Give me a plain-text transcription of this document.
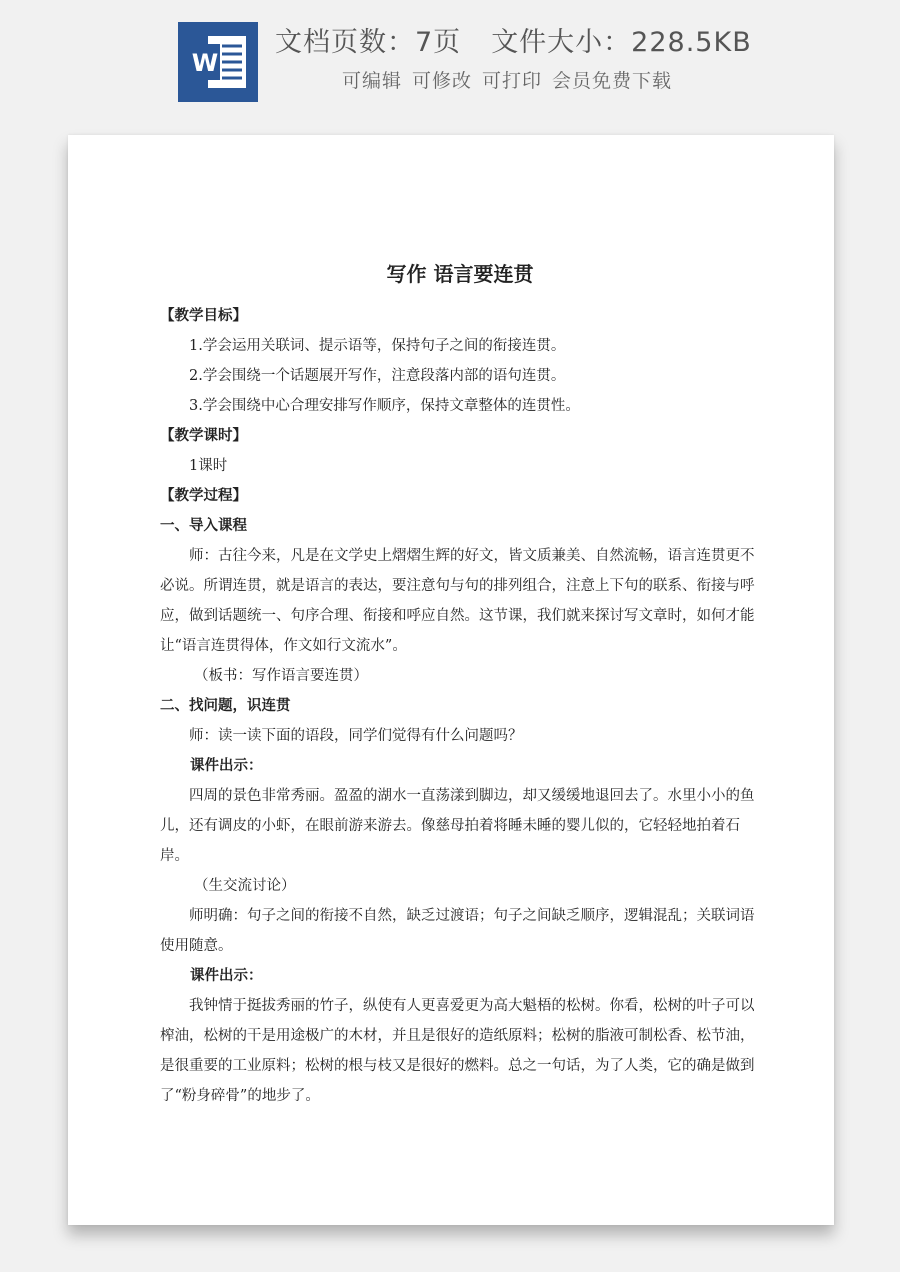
W
文档页数：7页 文件大小：228.5KB
可编辑 可修改 可打印 会员免费下载
写作 语言要连贯

【教学目标】

1.学会运用关联词、提示语等，保持句子之间的衔接连贯。

2.学会围绕一个话题展开写作，注意段落内部的语句连贯。

3.学会围绕中心合理安排写作顺序，保持文章整体的连贯性。

【教学课时】

1课时

【教学过程】

一、导入课程

师：古往今来，凡是在文学史上熠熠生辉的好文，皆文质兼美、自然流畅，语言连贯更不必说。所谓连贯，就是语言的表达，要注意句与句的排列组合，注意上下句的联系、衔接与呼应，做到话题统一、句序合理、衔接和呼应自然。这节课，我们就来探讨写文章时，如何才能让“语言连贯得体，作文如行文流水”。

（板书：写作语言要连贯）

二、找问题，识连贯

师：读一读下面的语段，同学们觉得有什么问题吗？

课件出示：

四周的景色非常秀丽。盈盈的湖水一直荡漾到脚边，却又缓缓地退回去了。水里小小的鱼儿，还有调皮的小虾，在眼前游来游去。像慈母拍着将睡未睡的婴儿似的，它轻轻地拍着石岸。

（生交流讨论）

师明确：句子之间的衔接不自然，缺乏过渡语；句子之间缺乏顺序，逻辑混乱；关联词语使用随意。

课件出示：

我钟情于挺拔秀丽的竹子，纵使有人更喜爱更为高大魁梧的松树。你看，松树的叶子可以榨油，松树的干是用途极广的木材，并且是很好的造纸原料；松树的脂液可制松香、松节油，是很重要的工业原料；松树的根与枝又是很好的燃料。总之一句话，为了人类，它的确是做到了“粉身碎骨”的地步了。
